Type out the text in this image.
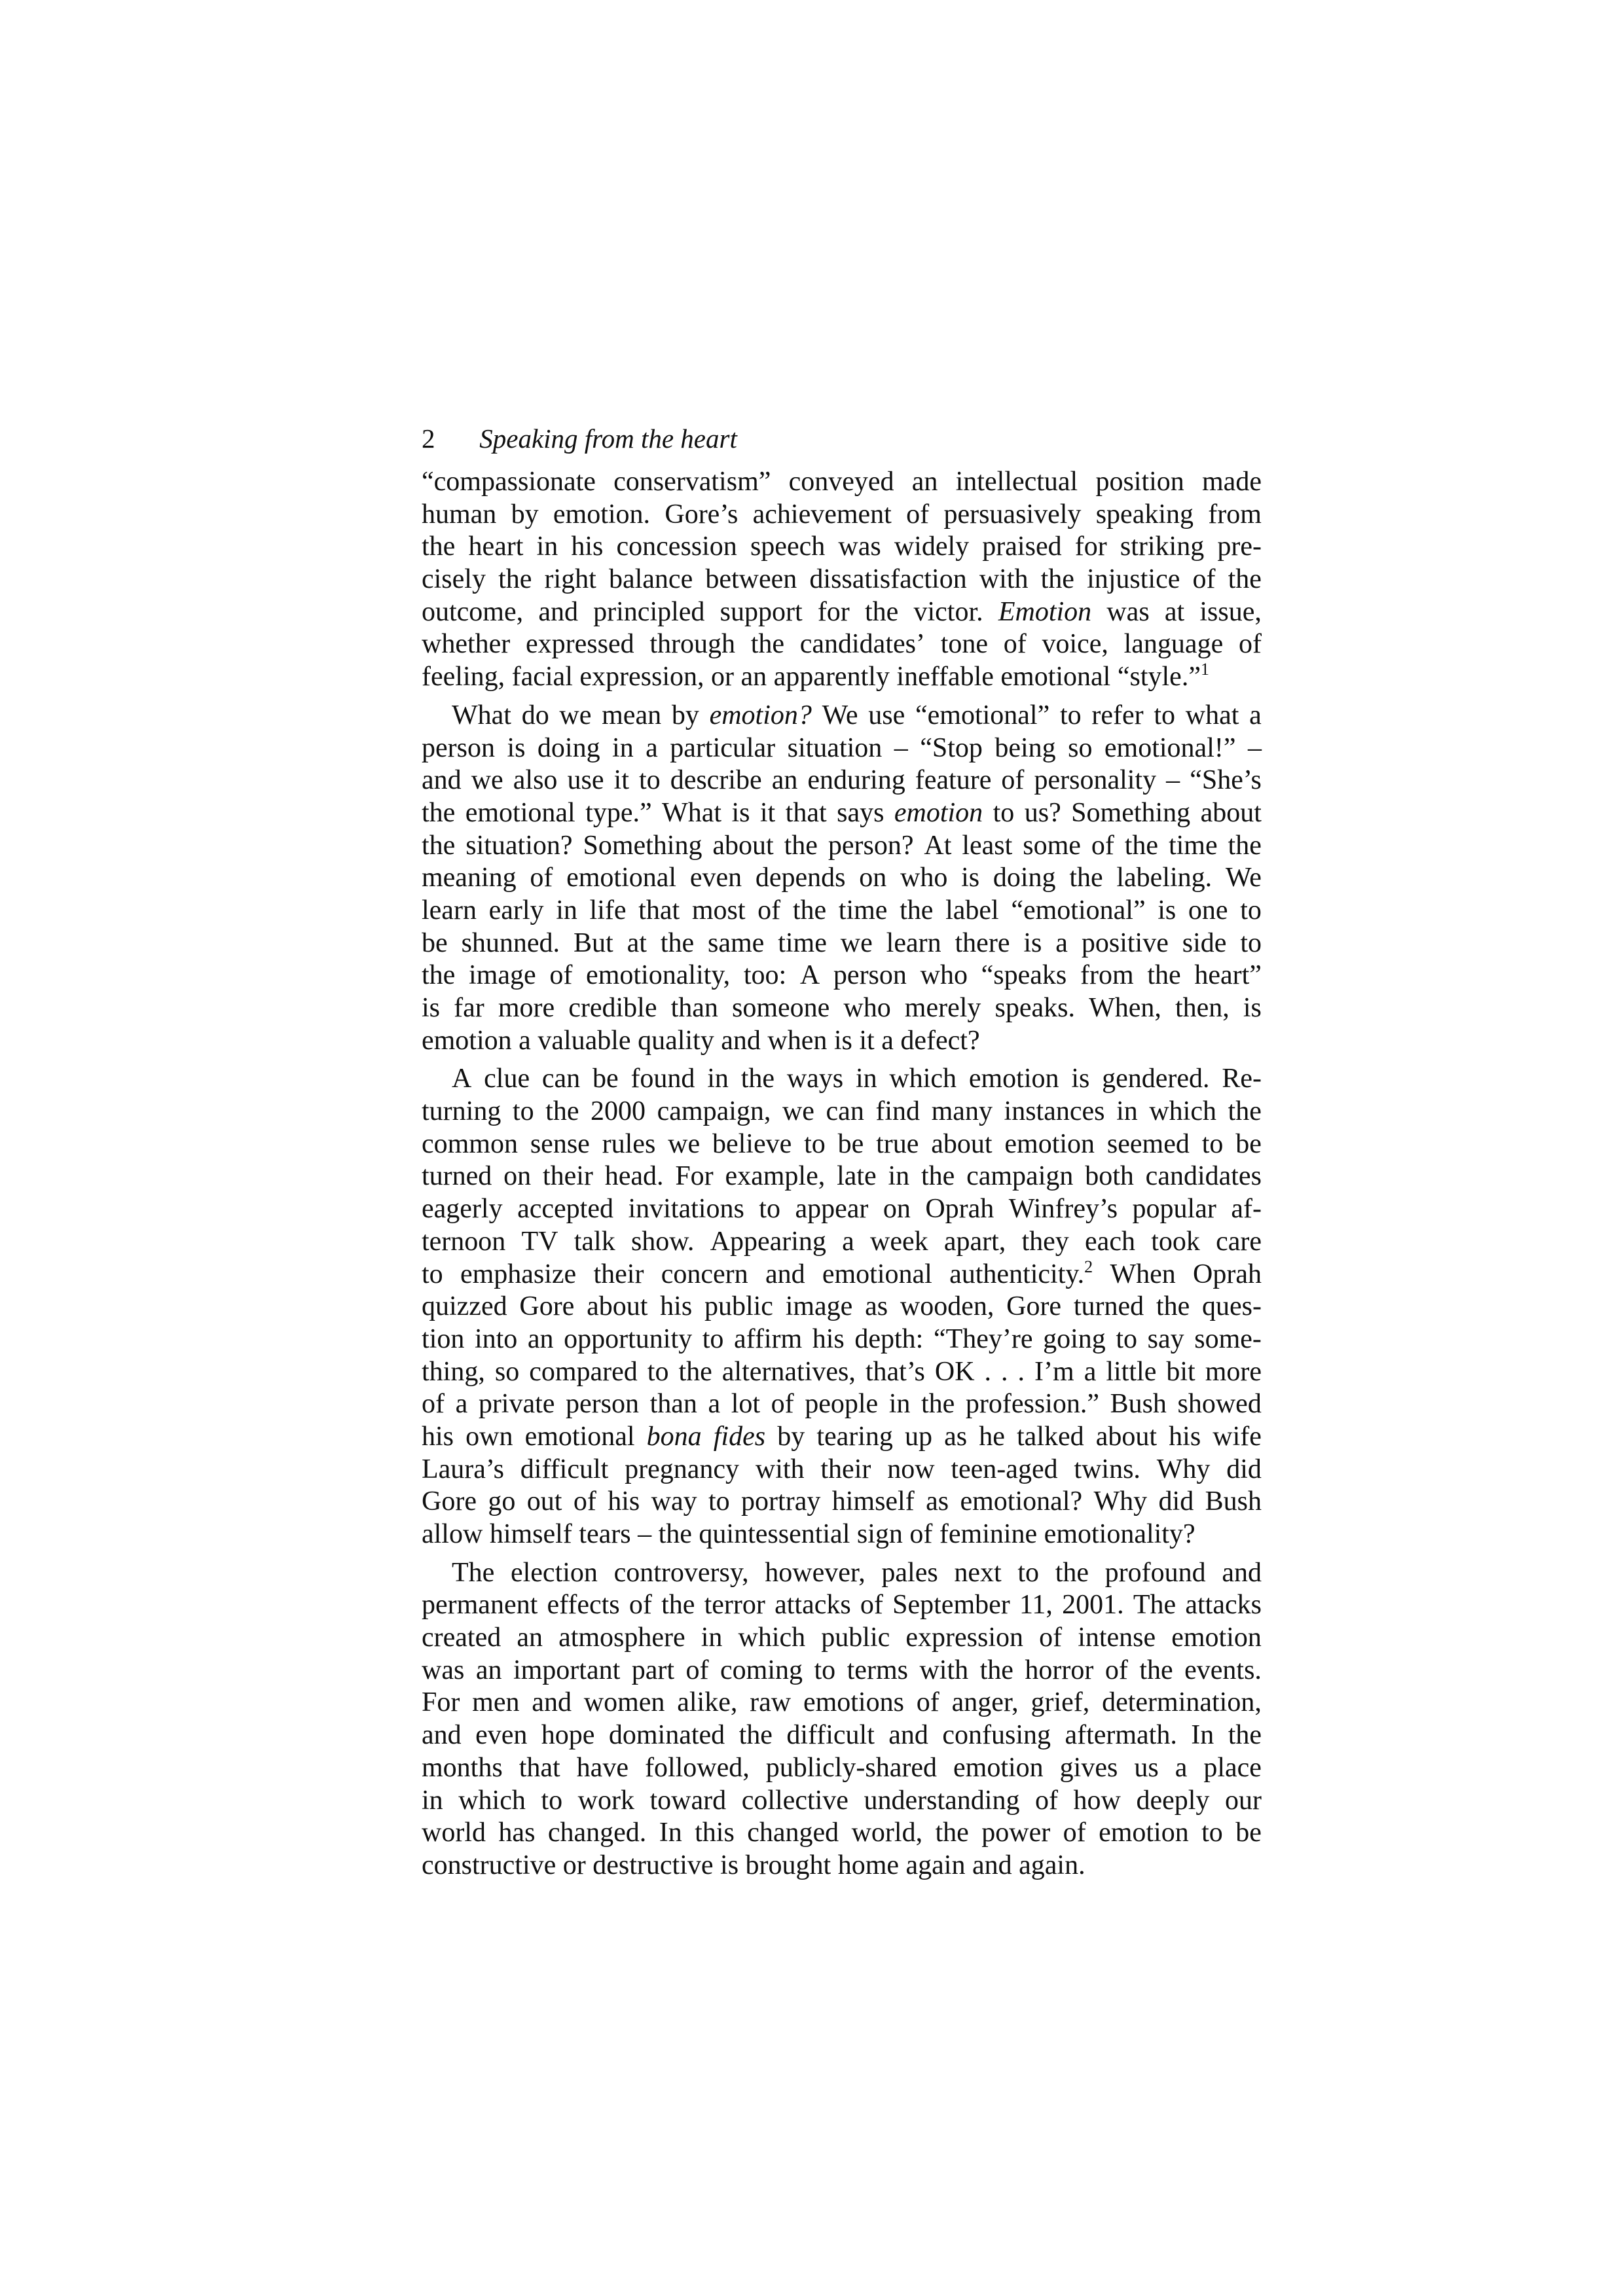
2 Speaking from the heart
“compassionate conservatism” conveyed an intellectual position made
human by emotion. Gore’s achievement of persuasively speaking from
the heart in his concession speech was widely praised for striking pre-
cisely the right balance between dissatisfaction with the injustice of the
outcome, and principled support for the victor. Emotion was at issue,
whether expressed through the candidates’ tone of voice, language of
feeling, facial expression, or an apparently ineffable emotional “style.”$^1$
What do we mean by emotion? We use “emotional” to refer to what a
person is doing in a particular situation – “Stop being so emotional!” –
and we also use it to describe an enduring feature of personality – “She’s
the emotional type.” What is it that says emotion to us? Something about
the situation? Something about the person? At least some of the time the
meaning of emotional even depends on who is doing the labeling. We
learn early in life that most of the time the label “emotional” is one to
be shunned. But at the same time we learn there is a positive side to
the image of emotionality, too: A person who “speaks from the heart”
is far more credible than someone who merely speaks. When, then, is
emotion a valuable quality and when is it a defect?
A clue can be found in the ways in which emotion is gendered. Re-
turning to the 2000 campaign, we can find many instances in which the
common sense rules we believe to be true about emotion seemed to be
turned on their head. For example, late in the campaign both candidates
eagerly accepted invitations to appear on Oprah Winfrey’s popular af-
ternoon TV talk show. Appearing a week apart, they each took care
to emphasize their concern and emotional authenticity.$^2$ When Oprah
quizzed Gore about his public image as wooden, Gore turned the ques-
tion into an opportunity to affirm his depth: “They’re going to say some-
thing, so compared to the alternatives, that’s OK . . . I’m a little bit more
of a private person than a lot of people in the profession.” Bush showed
his own emotional bona fides by tearing up as he talked about his wife
Laura’s difficult pregnancy with their now teen-aged twins. Why did
Gore go out of his way to portray himself as emotional? Why did Bush
allow himself tears – the quintessential sign of feminine emotionality?
The election controversy, however, pales next to the profound and
permanent effects of the terror attacks of September 11, 2001. The attacks
created an atmosphere in which public expression of intense emotion
was an important part of coming to terms with the horror of the events.
For men and women alike, raw emotions of anger, grief, determination,
and even hope dominated the difficult and confusing aftermath. In the
months that have followed, publicly-shared emotion gives us a place
in which to work toward collective understanding of how deeply our
world has changed. In this changed world, the power of emotion to be
constructive or destructive is brought home again and again.
